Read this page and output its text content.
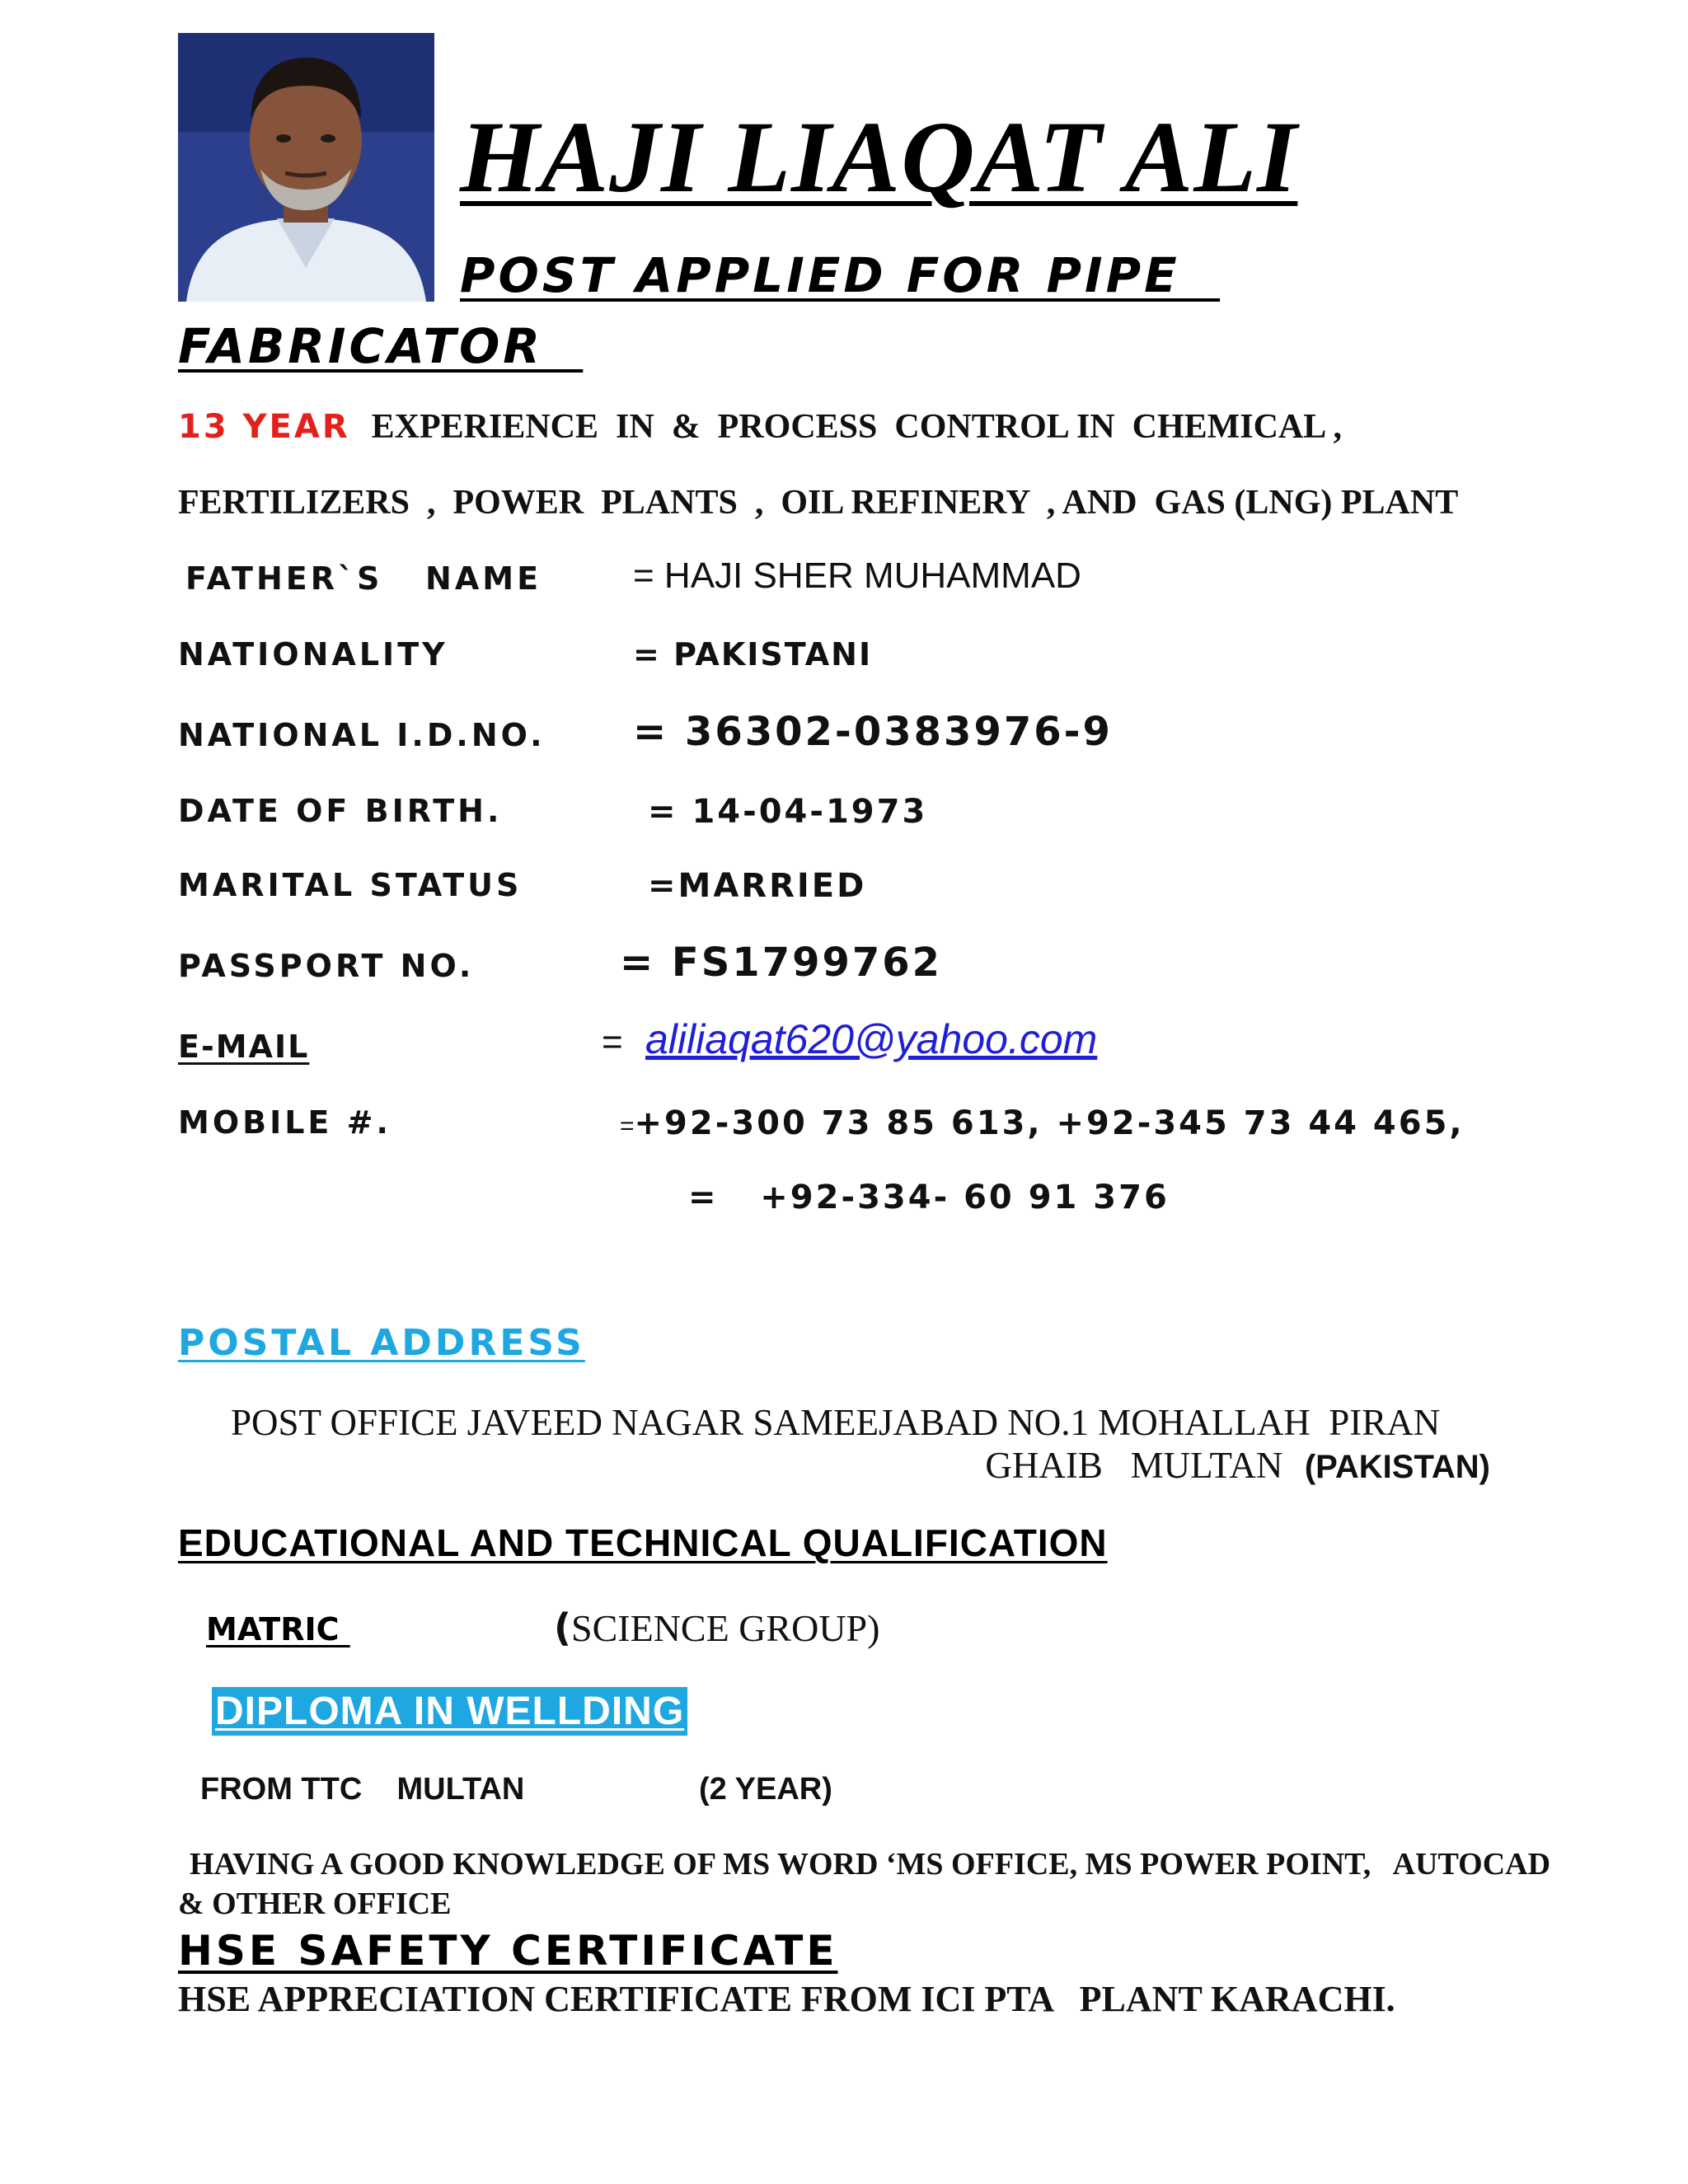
HAJI LIAQAT ALI
POST APPLIED FOR PIPE
FABRICATOR
13 YEAR EXPERIENCE  IN  &  PROCESS  CONTROL IN  CHEMICAL ,
FERTILIZERS  ,  POWER  PLANTS  ,  OIL REFINERY  , AND  GAS (LNG) PLANT
FATHER`S   NAME	= HAJI SHER MUHAMMAD
NATIONALITY	= PAKISTANI
NATIONAL I.D.NO. = 36302-0383976-9
DATE OF BIRTH.	= 14-04-1973
MARITAL STATUS	=MARRIED
PASSPORT NO.	= FS1799762
E-MAIL	= aliliaqat620@yahoo.com
MOBILE #.	=+92-300 73 85 613, +92-345 73 44 465,
=   +92-334- 60 91 376
POSTAL ADDRESS
POST OFFICE JAVEED NAGAR SAMEEJABAD NO.1 MOHALLAH  PIRAN
GHAIB   MULTAN   (PAKISTAN)
EDUCATIONAL AND TECHNICAL QUALIFICATION
MATRIC	(SCIENCE GROUP)
DIPLOMA IN WELLDING
FROM TTC    MULTAN	(2 YEAR)
HAVING A GOOD KNOWLEDGE OF MS WORD ‘MS OFFICE, MS POWER POINT,   AUTOCAD
& OTHER OFFICE
HSE SAFETY CERTIFICATE
HSE APPRECIATION CERTIFICATE FROM ICI PTA   PLANT KARACHI.
